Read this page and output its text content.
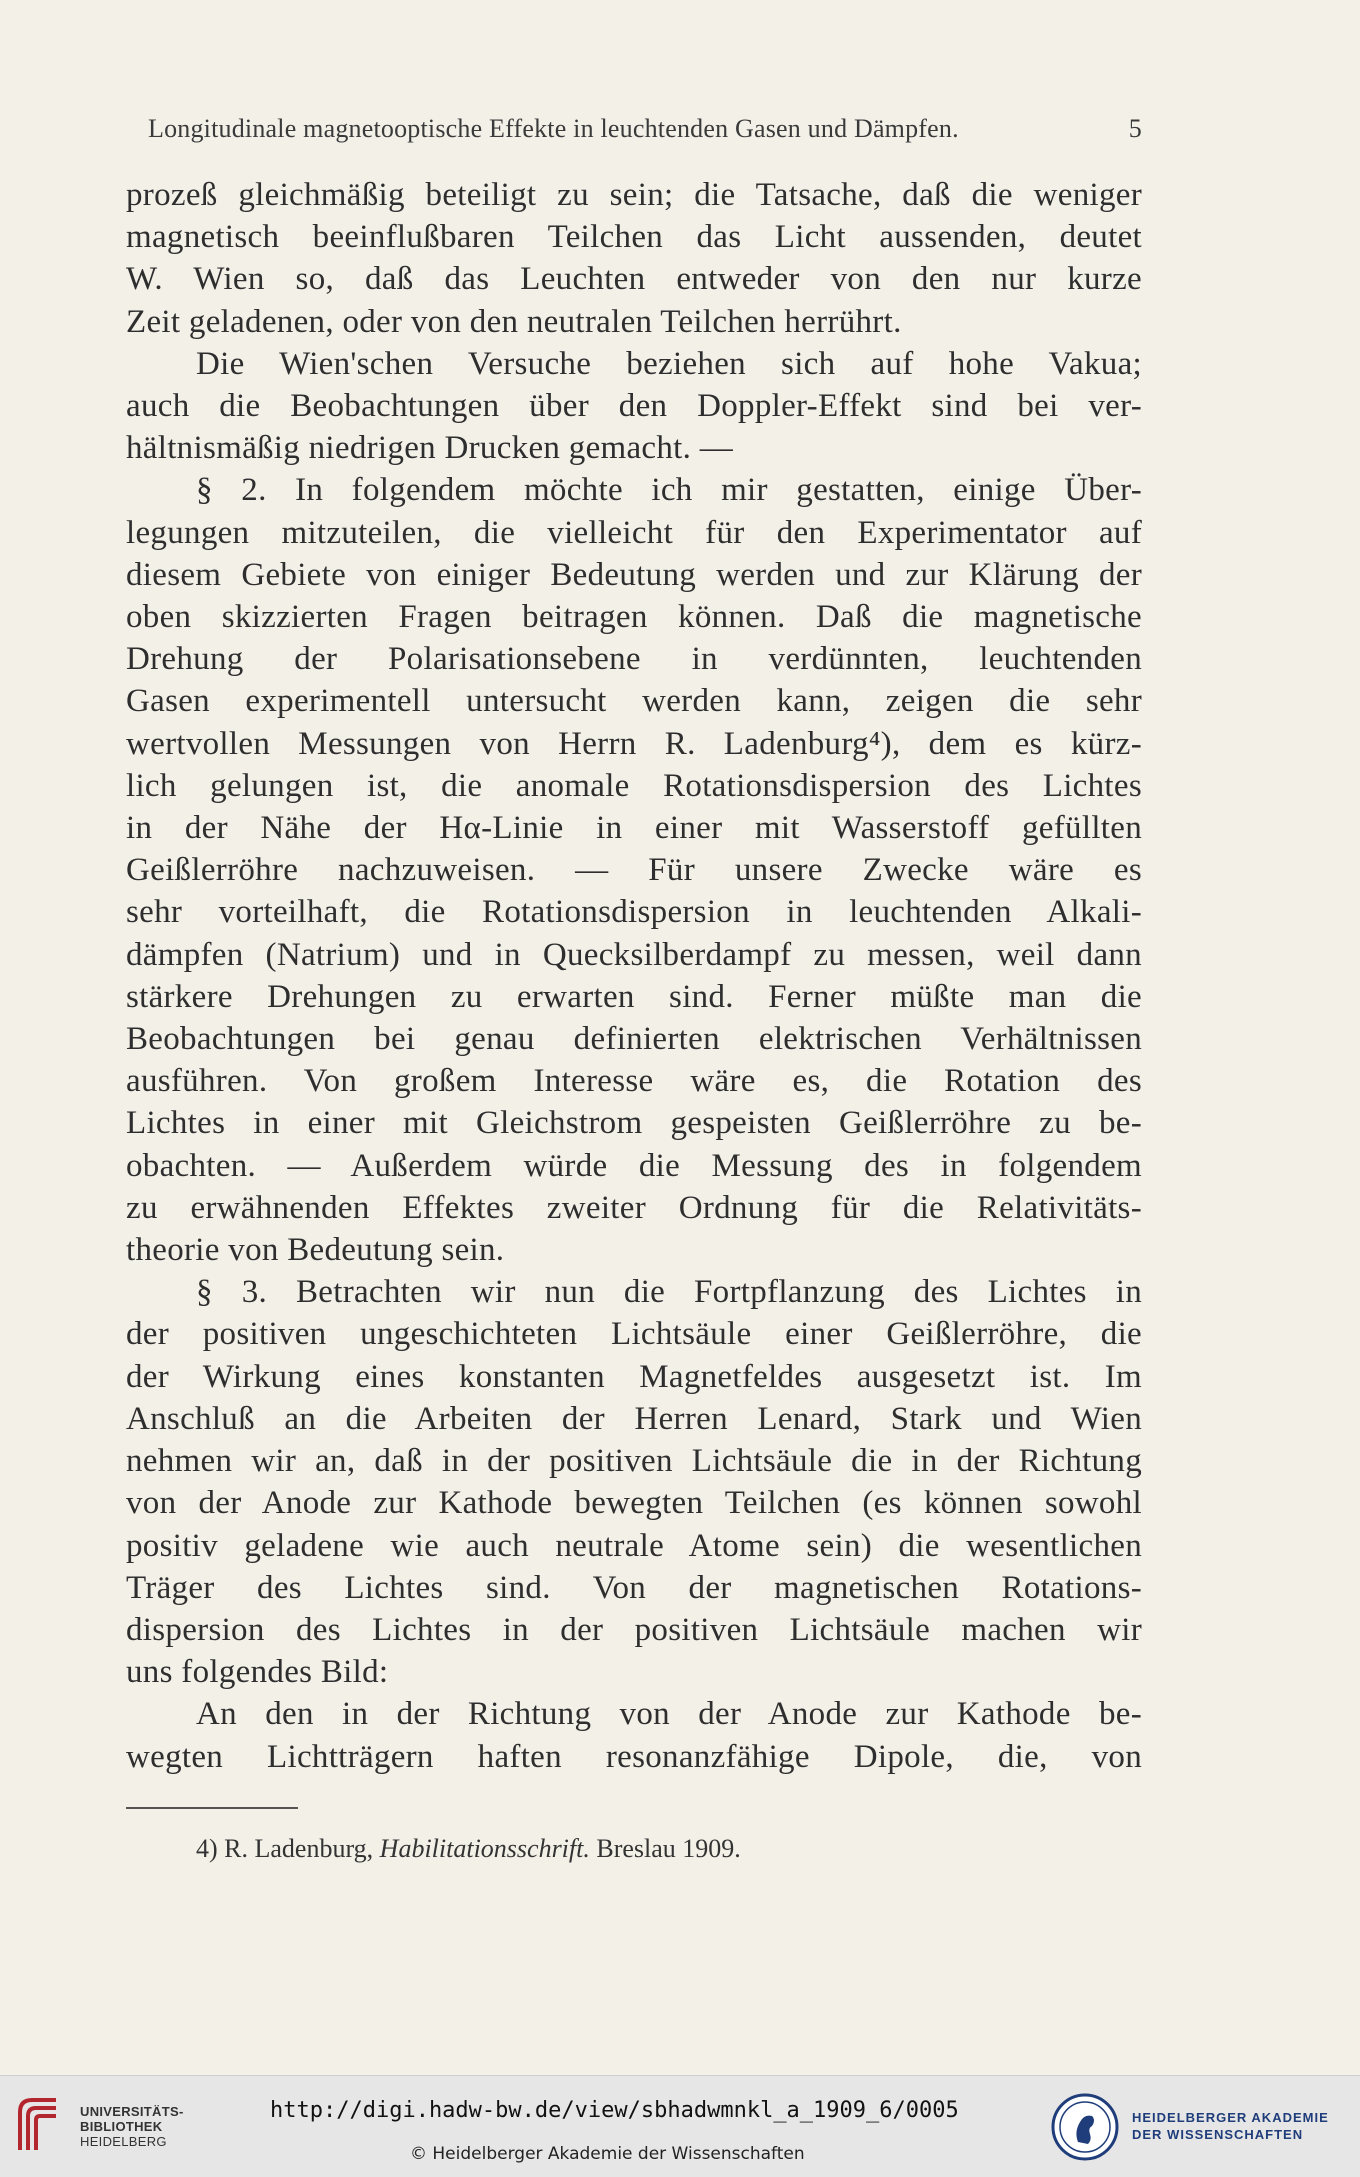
Longitudinale magnetooptische Effekte in leuchtenden Gasen und Dämpfen.	5
prozeß gleichmäßig beteiligt zu sein; die Tatsache, daß die weniger
magnetisch beeinflußbaren Teilchen das Licht aussenden, deutet
W. Wien so, daß das Leuchten entweder von den nur kurze
Zeit geladenen, oder von den neutralen Teilchen herrührt.
Die Wien'schen Versuche beziehen sich auf hohe Vakua;
auch die Beobachtungen über den Doppler-Effekt sind bei ver-
hältnismäßig niedrigen Drucken gemacht. —
§ 2. In folgendem möchte ich mir gestatten, einige Über-
legungen mitzuteilen, die vielleicht für den Experimentator auf
diesem Gebiete von einiger Bedeutung werden und zur Klärung der
oben skizzierten Fragen beitragen können. Daß die magnetische
Drehung der Polarisationsebene in verdünnten, leuchtenden
Gasen experimentell untersucht werden kann, zeigen die sehr
wertvollen Messungen von Herrn R. Ladenburg⁴), dem es kürz-
lich gelungen ist, die anomale Rotationsdispersion des Lichtes
in der Nähe der Hα-Linie in einer mit Wasserstoff gefüllten
Geißlerröhre nachzuweisen. — Für unsere Zwecke wäre es
sehr vorteilhaft, die Rotationsdispersion in leuchtenden Alkali-
dämpfen (Natrium) und in Quecksilberdampf zu messen, weil dann
stärkere Drehungen zu erwarten sind. Ferner müßte man die
Beobachtungen bei genau definierten elektrischen Verhältnissen
ausführen. Von großem Interesse wäre es, die Rotation des
Lichtes in einer mit Gleichstrom gespeisten Geißlerröhre zu be-
obachten. — Außerdem würde die Messung des in folgendem
zu erwähnenden Effektes zweiter Ordnung für die Relativitäts-
theorie von Bedeutung sein.
§ 3. Betrachten wir nun die Fortpflanzung des Lichtes in
der positiven ungeschichteten Lichtsäule einer Geißlerröhre, die
der Wirkung eines konstanten Magnetfeldes ausgesetzt ist. Im
Anschluß an die Arbeiten der Herren Lenard, Stark und Wien
nehmen wir an, daß in der positiven Lichtsäule die in der Richtung
von der Anode zur Kathode bewegten Teilchen (es können sowohl
positiv geladene wie auch neutrale Atome sein) die wesentlichen
Träger des Lichtes sind. Von der magnetischen Rotations-
dispersion des Lichtes in der positiven Lichtsäule machen wir
uns folgendes Bild:
An den in der Richtung von der Anode zur Kathode be-
wegten Lichtträgern haften resonanzfähige Dipole, die, von
4) R. Ladenburg, Habilitationsschrift. Breslau 1909.
UNIVERSITÄTS-
BIBLIOTHEK
HEIDELBERG
http://digi.hadw-bw.de/view/sbhadwmnkl_a_1909_6/0005
© Heidelberger Akademie der Wissenschaften
HEIDELBERGER AKADEMIE
DER WISSENSCHAFTEN
